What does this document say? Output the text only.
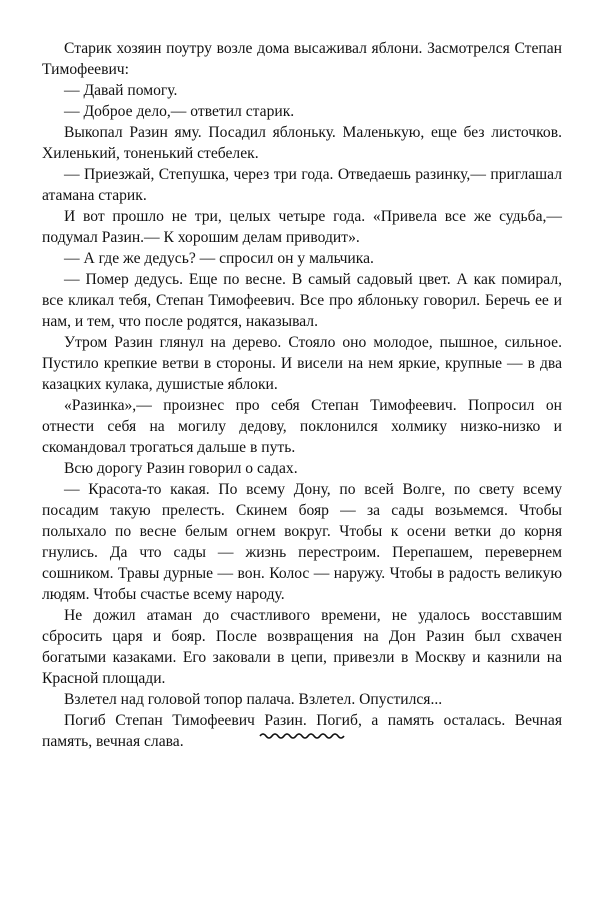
Старик хозяин поутру возле дома высаживал яблони. Засмотрелся Степан Тимофеевич:

— Давай помогу.

— Доброе дело,— ответил старик.

Выкопал Разин яму. Посадил яблоньку. Маленькую, еще без листочков. Хиленький, тоненький стебелек.

— Приезжай, Степушка, через три года. Отведаешь разинку,— приглашал атамана старик.

И вот прошло не три, целых четыре года. «Привела все же судьба,— подумал Разин.— К хорошим делам приводит».

— А где же дедусь? — спросил он у мальчика.

— Помер дедусь. Еще по весне. В самый садовый цвет. А как помирал, все кликал тебя, Степан Тимофеевич. Все про яблоньку говорил. Беречь ее и нам, и тем, что после родятся, наказывал.

Утром Разин глянул на дерево. Стояло оно молодое, пышное, сильное. Пустило крепкие ветви в стороны. И висели на нем яркие, крупные — в два казацких кулака, душистые яблоки.

«Разинка»,— произнес про себя Степан Тимофеевич. Попросил он отнести себя на могилу дедову, поклонился холмику низко-низко и скомандовал трогаться дальше в путь.

Всю дорогу Разин говорил о садах.

— Красота-то какая. По всему Дону, по всей Волге, по свету всему посадим такую прелесть. Скинем бояр — за сады возьмемся. Чтобы полыхало по весне белым огнем вокруг. Чтобы к осени ветки до корня гнулись. Да что сады — жизнь перестроим. Перепашем, перевернем сошником. Травы дурные — вон. Колос — наружу. Чтобы в радость великую людям. Чтобы счастье всему народу.

Не дожил атаман до счастливого времени, не удалось восставшим сбросить царя и бояр. После возвращения на Дон Разин был схвачен богатыми казаками. Его заковали в цепи, привезли в Москву и казнили на Красной площади.

Взлетел над головой топор палача. Взлетел. Опустился...

Погиб Степан Тимофеевич Разин. Погиб, а память осталась. Вечная память, вечная слава.
